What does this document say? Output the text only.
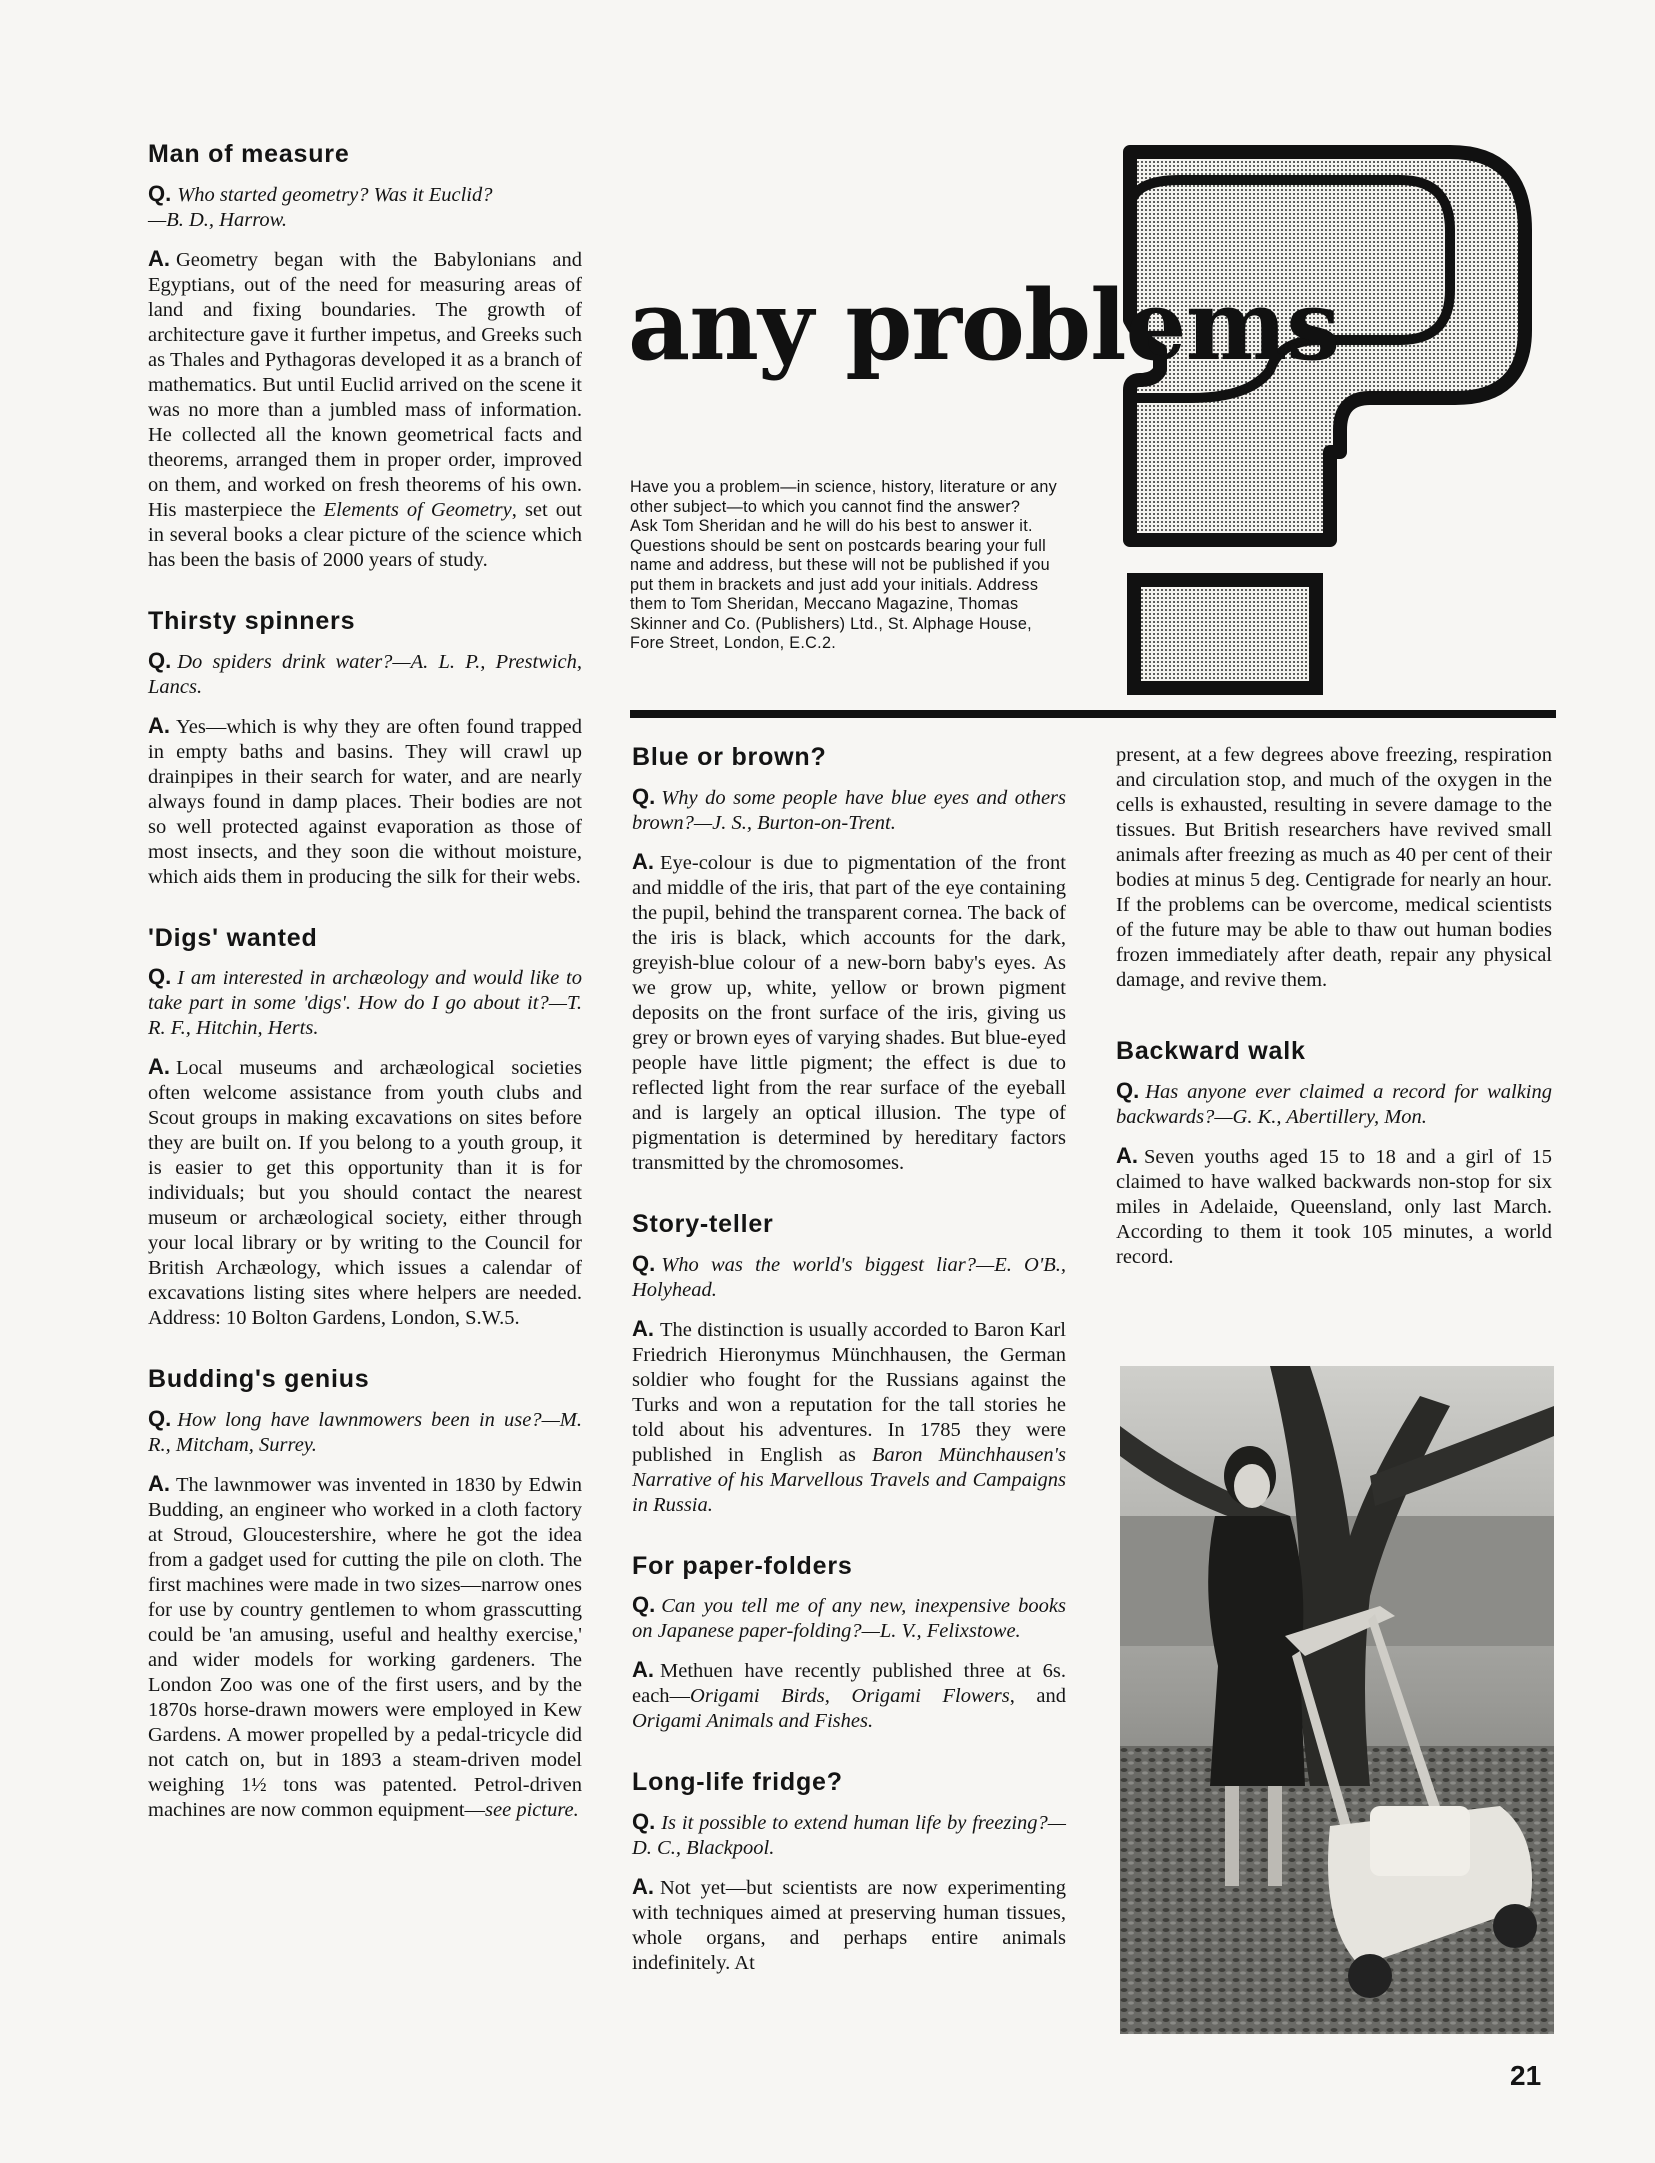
any problems

Have you a problem—in science, history, literature or any other subject—to which you cannot find the answer?

Ask Tom Sheridan and he will do his best to answer it. Questions should be sent on postcards bearing your full name and address, but these will not be published if you put them in brackets and just add your initials. Address them to Tom Sheridan, Meccano Magazine, Thomas Skinner and Co. (Publishers) Ltd., St. Alphage House, Fore Street, London, E.C.2.

Man of measure

Q. Who started geometry? Was it Euclid?
—B. D., Harrow.

A. Geometry began with the Babylonians and Egyptians, out of the need for measuring areas of land and fixing boundaries. The growth of architecture gave it further impetus, and Greeks such as Thales and Pythagoras developed it as a branch of mathematics. But until Euclid arrived on the scene it was no more than a jumbled mass of information. He collected all the known geometrical facts and theorems, arranged them in proper order, improved on them, and worked on fresh theorems of his own. His masterpiece the Elements of Geometry, set out in several books a clear picture of the science which has been the basis of 2000 years of study.

Thirsty spinners

Q. Do spiders drink water?—A. L. P., Prestwich, Lancs.

A. Yes—which is why they are often found trapped in empty baths and basins. They will crawl up drainpipes in their search for water, and are nearly always found in damp places. Their bodies are not so well protected against evaporation as those of most insects, and they soon die without moisture, which aids them in producing the silk for their webs.

'Digs' wanted

Q. I am interested in archæology and would like to take part in some 'digs'. How do I go about it?—T. R. F., Hitchin, Herts.

A. Local museums and archæological societies often welcome assistance from youth clubs and Scout groups in making excavations on sites before they are built on. If you belong to a youth group, it is easier to get this opportunity than it is for individuals; but you should contact the nearest museum or archæological society, either through your local library or by writing to the Council for British Archæology, which issues a calendar of excavations listing sites where helpers are needed. Address: 10 Bolton Gardens, London, S.W.5.

Budding's genius

Q. How long have lawnmowers been in use?—M. R., Mitcham, Surrey.

A. The lawnmower was invented in 1830 by Edwin Budding, an engineer who worked in a cloth factory at Stroud, Gloucestershire, where he got the idea from a gadget used for cutting the pile on cloth. The first machines were made in two sizes—narrow ones for use by country gentlemen to whom grasscutting could be 'an amusing, useful and healthy exercise,' and wider models for working gardeners. The London Zoo was one of the first users, and by the 1870s horse-drawn mowers were employed in Kew Gardens. A mower propelled by a pedal-tricycle did not catch on, but in 1893 a steam-driven model weighing 1½ tons was patented. Petrol-driven machines are now common equipment—see picture.

Blue or brown?

Q. Why do some people have blue eyes and others brown?—J. S., Burton-on-Trent.

A. Eye-colour is due to pigmentation of the front and middle of the iris, that part of the eye containing the pupil, behind the transparent cornea. The back of the iris is black, which accounts for the dark, greyish-blue colour of a new-born baby's eyes. As we grow up, white, yellow or brown pigment deposits on the front surface of the iris, giving us grey or brown eyes of varying shades. But blue-eyed people have little pigment; the effect is due to reflected light from the rear surface of the eyeball and is largely an optical illusion. The type of pigmentation is determined by hereditary factors transmitted by the chromosomes.

Story-teller

Q. Who was the world's biggest liar?—E. O'B., Holyhead.

A. The distinction is usually accorded to Baron Karl Friedrich Hieronymus Münchhausen, the German soldier who fought for the Russians against the Turks and won a reputation for the tall stories he told about his adventures. In 1785 they were published in English as Baron Münchhausen's Narrative of his Marvellous Travels and Campaigns in Russia.

For paper-folders

Q. Can you tell me of any new, inexpensive books on Japanese paper-folding?—L. V., Felixstowe.

A. Methuen have recently published three at 6s. each—Origami Birds, Origami Flowers, and Origami Animals and Fishes.

Long-life fridge?

Q. Is it possible to extend human life by freezing?—D. C., Blackpool.

A. Not yet—but scientists are now experimenting with techniques aimed at preserving human tissues, whole organs, and perhaps entire animals indefinitely. At

present, at a few degrees above freezing, respiration and circulation stop, and much of the oxygen in the cells is exhausted, resulting in severe damage to the tissues. But British researchers have revived small animals after freezing as much as 40 per cent of their bodies at minus 5 deg. Centigrade for nearly an hour. If the problems can be overcome, medical scientists of the future may be able to thaw out human bodies frozen immediately after death, repair any physical damage, and revive them.

Backward walk

Q. Has anyone ever claimed a record for walking backwards?—G. K., Abertillery, Mon.

A. Seven youths aged 15 to 18 and a girl of 15 claimed to have walked backwards non-stop for six miles in Adelaide, Queensland, only last March. According to them it took 105 minutes, a world record.

21
